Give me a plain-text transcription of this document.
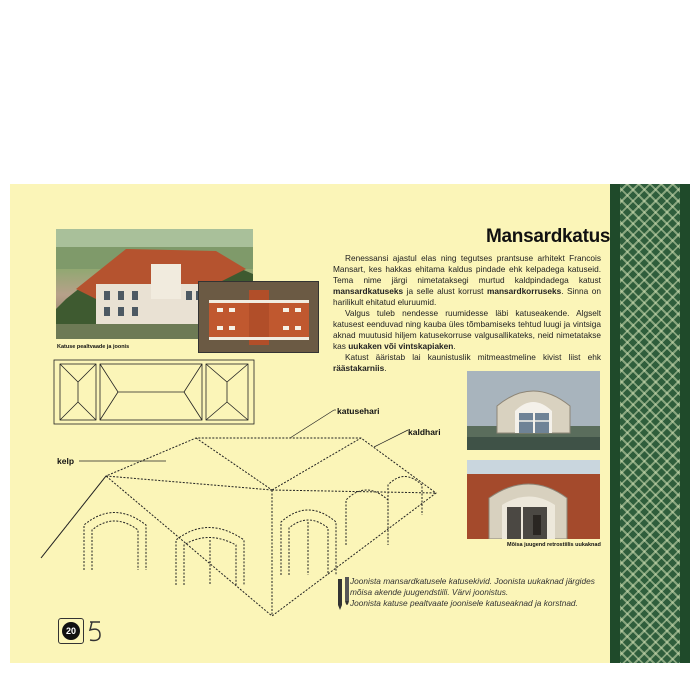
Katuse pealtvaade ja joonis
Mansardkatus

Renessansi ajastul elas ning tegutses prantsuse arhitekt Francois Mansart, kes hakkas ehitama kaldus pindade ehk kelpadega katuseid. Tema nime järgi nimetataksegi murtud kaldpindadega katust mansardkatuseks ja selle alust korrust mansardkorruseks. Sinna on harilikult ehitatud eluruumid.

Valgus tuleb nendesse ruumidesse läbi katuseakende. Algselt katusest eenduvad ning kauba üles tõmbamiseks tehtud luugi ja vintsiga aknad muutusid hiljem katusekorruse valgusallikateks, neid nimetatakse kas uukaken või vintskapiaken.

Katust ääristab lai kaunistuslik mitmeastmeline kivist liist ehk räästakarniis.

Mõisa juugend retrostiilis uukaknad
katusehari
kaldhari
kelp

Joonista mansardkatusele katusekivid. Joonista uukaknad järgides mõisa akende juugendstiili. Värvi joonistus.

Joonista katuse pealtvaate joonisele katuseaknad ja korstnad.

20
